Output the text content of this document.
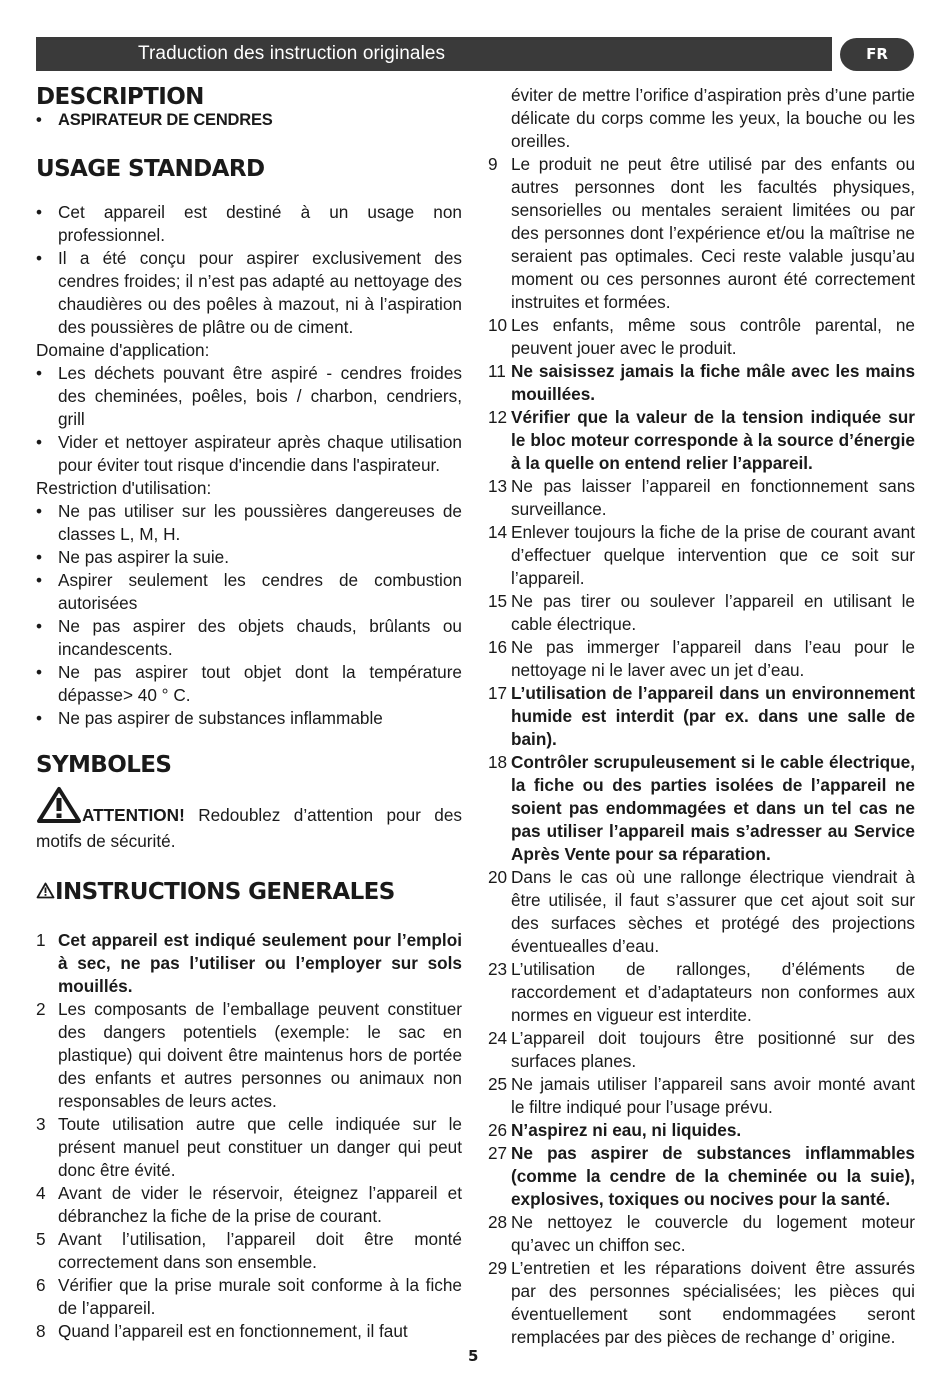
Traduction des instruction originales	FR
DESCRIPTION
• ASPIRATEUR DE CENDRES
USAGE STANDARD
• Cet appareil est destiné à un usage non professionnel.
• Il a été conçu pour aspirer exclusivement des cendres froides; il n’est pas adapté au nettoyage des chaudières ou des poêles à mazout, ni à l’aspiration des poussières de plâtre ou de ciment.
Domaine d'application:
• Les déchets pouvant être aspiré - cendres froides des cheminées, poêles, bois / charbon, cendriers, grill
• Vider et nettoyer aspirateur après chaque utilisation pour éviter tout risque d'incendie dans l'aspirateur.
Restriction d'utilisation:
• Ne pas utiliser sur les poussières dangereuses de classes L, M, H.
• Ne pas aspirer la suie.
• Aspirer seulement les cendres de combustion autorisées
• Ne pas aspirer des objets chauds, brûlants ou incandescents.
• Ne pas aspirer tout objet dont la température dépasse> 40 ° C.
• Ne pas aspirer de substances inflammable
SYMBOLES
ATTENTION! Redoublez d’attention pour des motifs de sécurité.
INSTRUCTIONS GENERALES
1 Cet appareil est indiqué seulement pour l’emploi à sec, ne pas l’utiliser ou l’employer sur sols mouillés.
2 Les composants de l’emballage peuvent constituer des dangers potentiels (exemple: le sac en plastique) qui doivent être maintenus hors de portée des enfants et autres personnes ou animaux non responsables de leurs actes.
3 Toute utilisation autre que celle indiquée sur le présent manuel peut constituer un danger qui peut donc être évité.
4 Avant de vider le réservoir, éteignez l’appareil et débranchez la fiche de la prise de courant.
5 Avant l’utilisation, l’appareil doit être monté correctement dans son ensemble.
6 Vérifier que la prise murale soit conforme à la fiche de l’appareil.
8 Quand l’appareil est en fonctionnement, il faut
éviter de mettre l’orifice d’aspiration près d’une partie délicate du corps comme les yeux, la bouche ou les oreilles.
9 Le produit ne peut être utilisé par des enfants ou autres personnes dont les facultés physiques, sensorielles ou mentales seraient limitées ou par des personnes dont l’expérience et/ou la maîtrise ne seraient pas optimales. Ceci reste valable jusqu’au moment ou ces personnes auront été correctement instruites et formées.
10 Les enfants, même sous contrôle parental, ne peuvent jouer avec le produit.
11 Ne saisissez jamais la fiche mâle avec les mains mouillées.
12 Vérifier que la valeur de la tension indiquée sur le bloc moteur corresponde à la source d’énergie à la quelle on entend relier l’appareil.
13 Ne pas laisser l’appareil en fonctionnement sans surveillance.
14 Enlever toujours la fiche de la prise de courant avant d’effectuer quelque intervention que ce soit sur l’appareil.
15 Ne pas tirer ou soulever l’appareil en utilisant le cable électrique.
16 Ne pas immerger l’appareil dans l’eau pour le nettoyage ni le laver avec un jet d’eau.
17 L’utilisation de l’appareil dans un environnement humide est interdit (par ex. dans une salle de bain).
18 Contrôler scrupuleusement si le cable électrique, la fiche ou des parties isolées de l’appareil ne soient pas endommagées et dans un tel cas ne pas utiliser l’appareil mais s’adresser au Service Après Vente pour sa réparation.
20 Dans le cas où une rallonge électrique viendrait à être utilisée, il faut s’assurer que cet ajout soit sur des surfaces sèches et protégé des projections éventuealles d’eau.
23 L’utilisation de rallonges, d’éléments de raccordement et d’adaptateurs non conformes aux normes en vigueur est interdite.
24 L’appareil doit toujours être positionné sur des surfaces planes.
25 Ne jamais utiliser l’appareil sans avoir monté avant le filtre indiqué pour l’usage prévu.
26 N’aspirez ni eau, ni liquides.
27 Ne pas aspirer de substances inflammables (comme la cendre de la cheminée ou la suie), explosives, toxiques ou nocives pour la santé.
28 Ne nettoyez le couvercle du logement moteur qu’avec un chiffon sec.
29 L’entretien et les réparations doivent être assurés par des personnes spécialisées; les pièces qui éventuellement sont endommagées seront remplacées par des pièces de rechange d’ origine.
5
